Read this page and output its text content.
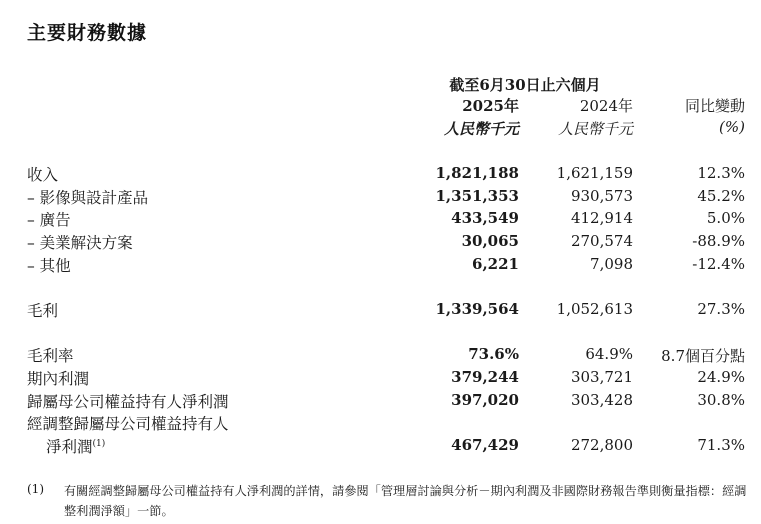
主要財務數據
截至6月30日止六個月
2025年	2024年	同比變動
人民幣千元	人民幣千元	(%)
收入	1,821,188	1,621,159	12.3%
– 影像與設計產品	1,351,353	930,573	45.2%
– 廣告	433,549	412,914	5.0%
– 美業解決方案	30,065	270,574	-88.9%
– 其他	6,221	7,098	-12.4%
毛利	1,339,564	1,052,613	27.3%
毛利率	73.6%	64.9% 8.7個百分點
期內利潤	379,244	303,721	24.9%
歸屬母公司權益持有人淨利潤	397,020	303,428	30.8%
經調整歸屬母公司權益持有人
淨利潤$^{(1)}$	467,429	272,800	71.3%
(1) 有關經調整歸屬母公司權益持有人淨利潤的詳情，請參閱「管理層討論與分析－期內利潤及非國際財務報告準則衡量指標：經調整利潤淨額」一節。
